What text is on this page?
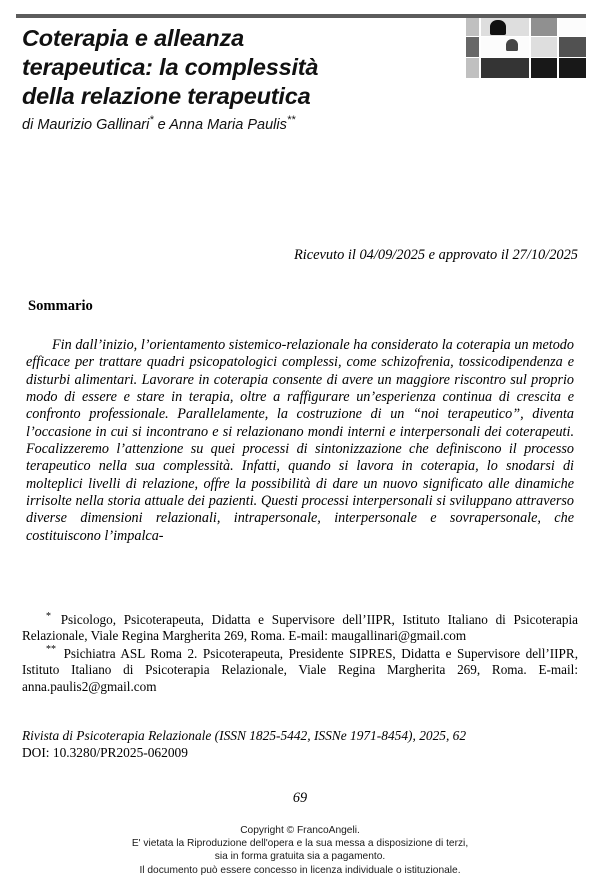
Coterapia e alleanza
terapeutica: la complessità
della relazione terapeutica

di Maurizio Gallinari* e Anna Maria Paulis**

Ricevuto il 04/09/2025 e approvato il 27/10/2025
Sommario
Fin dall’inizio, l’orientamento sistemico-relazionale ha considerato la coterapia un metodo efficace per trattare quadri psicopatologici complessi, come schizofrenia, tossicodipendenza e disturbi alimentari. Lavorare in coterapia consente di avere un maggiore riscontro sul proprio modo di essere e stare in terapia, oltre a raffigurare un’esperienza continua di crescita e confronto professionale. Parallelamente, la costruzione di un “noi terapeutico”, diventa l’occasione in cui si incontrano e si relazionano mondi interni e interpersonali dei coterapeuti. Focalizzeremo l’attenzione su quei processi di sintonizzazione che definiscono il processo terapeutico nella sua complessità. Infatti, quando si lavora in coterapia, lo snodarsi di molteplici livelli di relazione, offre la possibilità di dare un nuovo significato alle dinamiche irrisolte nella storia attuale dei pazienti. Questi processi interpersonali si sviluppano attraverso diverse dimensioni relazionali, intrapersonale, interpersonale e sovrapersonale, che costituiscono l’impalca-

* Psicologo, Psicoterapeuta, Didatta e Supervisore dell’IIPR, Istituto Italiano di Psicoterapia Relazionale, Viale Regina Margherita 269, Roma. E-mail: maugallinari@gmail.com

** Psichiatra ASL Roma 2. Psicoterapeuta, Presidente SIPRES, Didatta e Supervisore dell’IIPR, Istituto Italiano di Psicoterapia Relazionale, Viale Regina Margherita 269, Roma. E-mail: anna.paulis2@gmail.com

Rivista di Psicoterapia Relazionale (ISSN 1825-5442, ISSNe 1971-8454), 2025, 62
DOI: 10.3280/PR2025-062009
69
Copyright © FrancoAngeli.
E' vietata la Riproduzione dell'opera e la sua messa a disposizione di terzi,
sia in forma gratuita sia a pagamento.
Il documento può essere concesso in licenza individuale o istituzionale.
